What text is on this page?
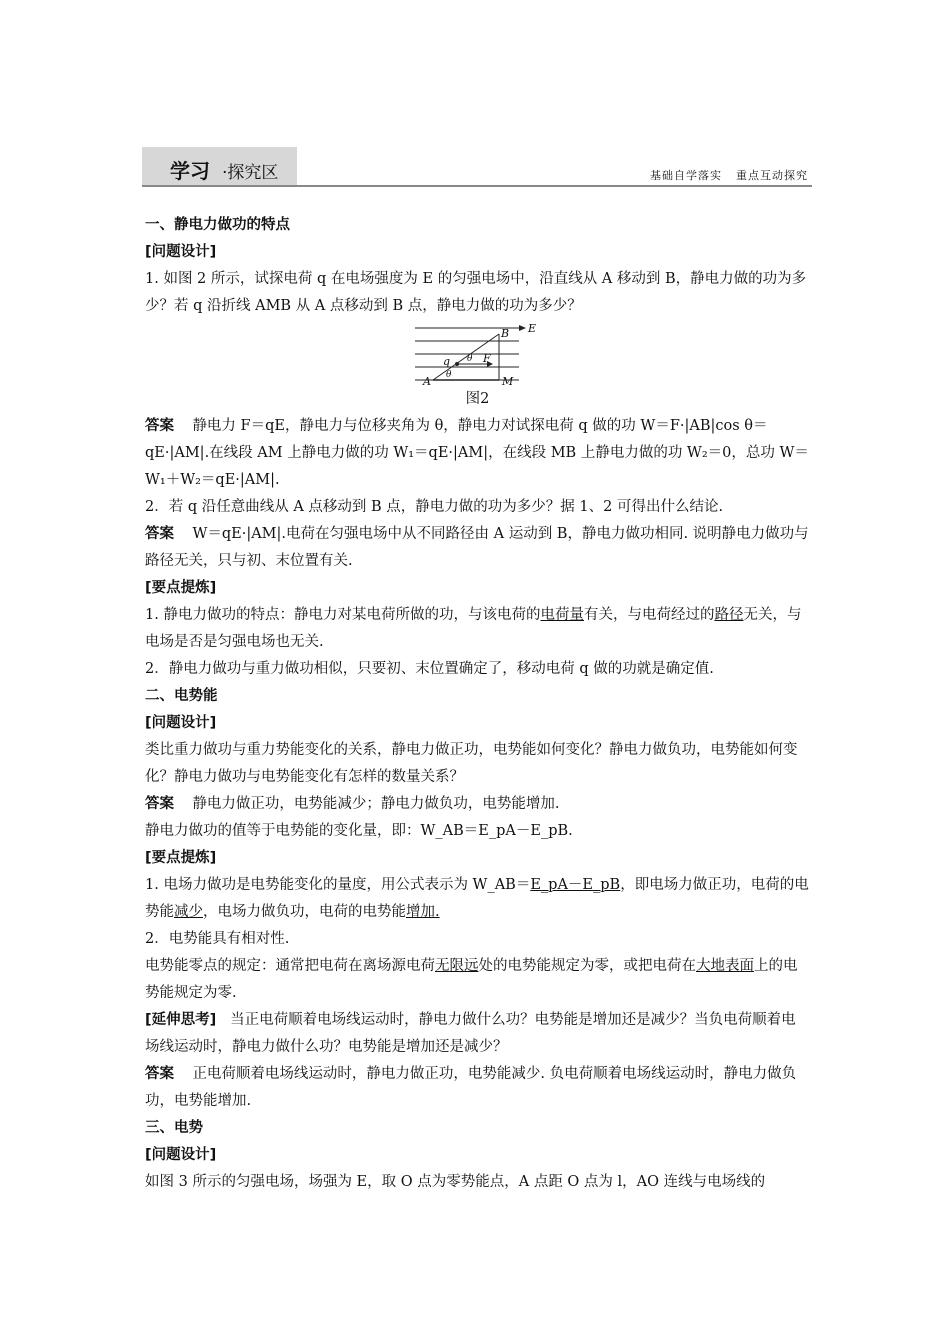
学习 ·探究区	基础自学落实 重点互动探究

一、静电力做功的特点

[问题设计]

1. 如图 2 所示，试探电荷 q 在电场强度为 E 的匀强电场中，沿直线从 A 移动到 B，静电力做的功为多少？若 q 沿折线 AMB 从 A 点移动到 B 点，静电力做的功为多少？

E
B
q θ F
θ
A	M

图2

答案 静电力 F＝qE，静电力与位移夹角为 θ，静电力对试探电荷 q 做的功 W＝F·|AB|cos θ＝qE·|AM|.在线段 AM 上静电力做的功 W₁＝qE·|AM|，在线段 MB 上静电力做的功 W₂＝0，总功 W＝W₁＋W₂＝qE·|AM|.

2．若 q 沿任意曲线从 A 点移动到 B 点，静电力做的功为多少？据 1、2 可得出什么结论.

答案 W＝qE·|AM|.电荷在匀强电场中从不同路径由 A 运动到 B，静电力做功相同. 说明静电力做功与路径无关，只与初、末位置有关.

[要点提炼]

1. 静电力做功的特点：静电力对某电荷所做的功，与该电荷的电荷量有关，与电荷经过的路径无关，与电场是否是匀强电场也无关.

2．静电力做功与重力做功相似，只要初、末位置确定了，移动电荷 q 做的功就是确定值.

二、电势能

[问题设计]

类比重力做功与重力势能变化的关系，静电力做正功，电势能如何变化？静电力做负功，电势能如何变化？静电力做功与电势能变化有怎样的数量关系？

答案 静电力做正功，电势能减少；静电力做负功，电势能增加.

静电力做功的值等于电势能的变化量，即：W_AB＝E_pA－E_pB.

[要点提炼]

1. 电场力做功是电势能变化的量度，用公式表示为 W_AB＝E_pA－E_pB，即电场力做正功，电荷的电势能减少，电场力做负功，电荷的电势能增加.

2．电势能具有相对性.

电势能零点的规定：通常把电荷在离场源电荷无限远处的电势能规定为零，或把电荷在大地表面上的电势能规定为零.

[延伸思考] 当正电荷顺着电场线运动时，静电力做什么功？电势能是增加还是减少？当负电荷顺着电场线运动时，静电力做什么功？电势能是增加还是减少？

答案 正电荷顺着电场线运动时，静电力做正功，电势能减少. 负电荷顺着电场线运动时，静电力做负功，电势能增加.

三、电势

[问题设计]

如图 3 所示的匀强电场，场强为 E，取 O 点为零势能点，A 点距 O 点为 l，AO 连线与电场线的
